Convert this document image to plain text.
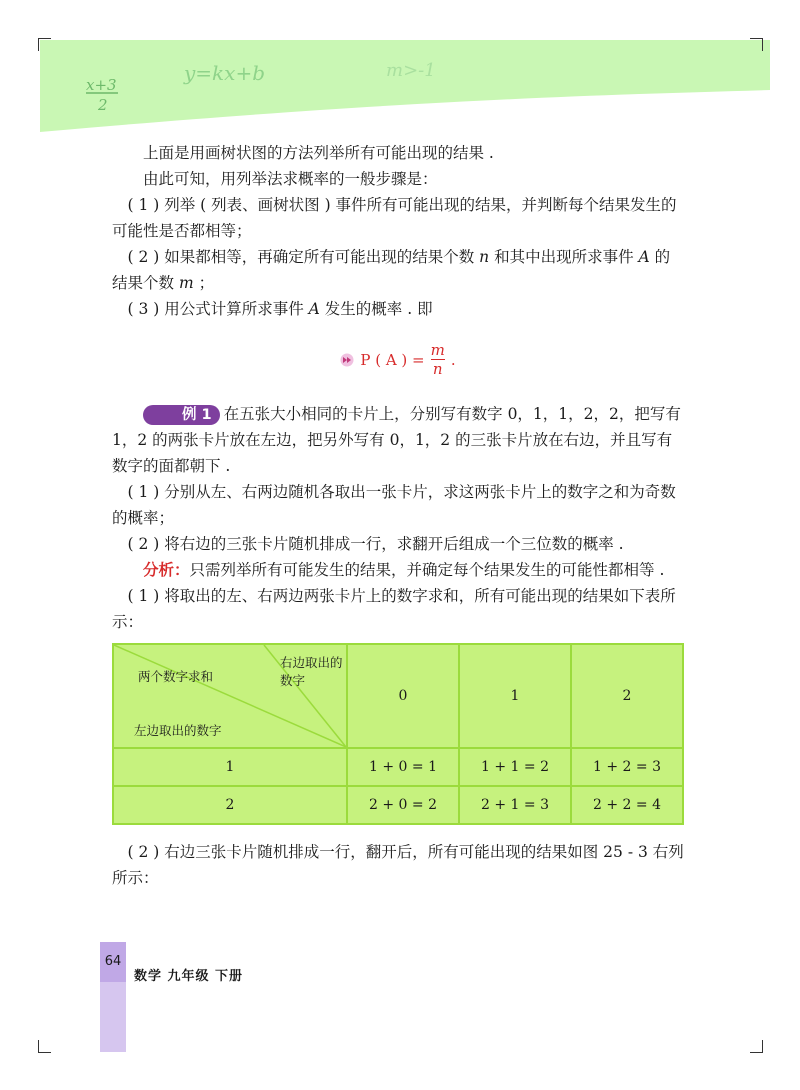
x+3
2
y=kx+b	m>-1

上面是用画树状图的方法列举所有可能出现的结果 .

由此可知，用列举法求概率的一般步骤是：

( 1 ) 列举 ( 列表、画树状图 ) 事件所有可能出现的结果，并判断每个结果发生的可能性是否都相等；

( 2 ) 如果都相等，再确定所有可能出现的结果个数 n 和其中出现所求事件 A 的结果个数 m ；

( 3 ) 用公式计算所求事件 A 发生的概率 . 即

P ( A ) = $\frac{m}{n}$ .

例 1 在五张大小相同的卡片上，分别写有数字 0，1，1，2，2，把写有 1，2 的两张卡片放在左边，把另外写有 0，1，2 的三张卡片放在右边，并且写有数字的面都朝下 .

( 1 ) 分别从左、右两边随机各取出一张卡片，求这两张卡片上的数字之和为奇数的概率；

( 2 ) 将右边的三张卡片随机排成一行，求翻开后组成一个三位数的概率 .

分析：只需列举所有可能发生的结果，并确定每个结果发生的可能性都相等 .

( 1 ) 将取出的左、右两边两张卡片上的数字求和，所有可能出现的结果如下表所示：

右边取出的数字
两个数字求和
左边取出的数字	0	1	2
1	1 + 0 = 1	1 + 1 = 2	1 + 2 = 3
2	2 + 0 = 2	2 + 1 = 3	2 + 2 = 4

( 2 ) 右边三张卡片随机排成一行，翻开后，所有可能出现的结果如图 25 - 3 右列所示：

64
数学 九年级 下册
